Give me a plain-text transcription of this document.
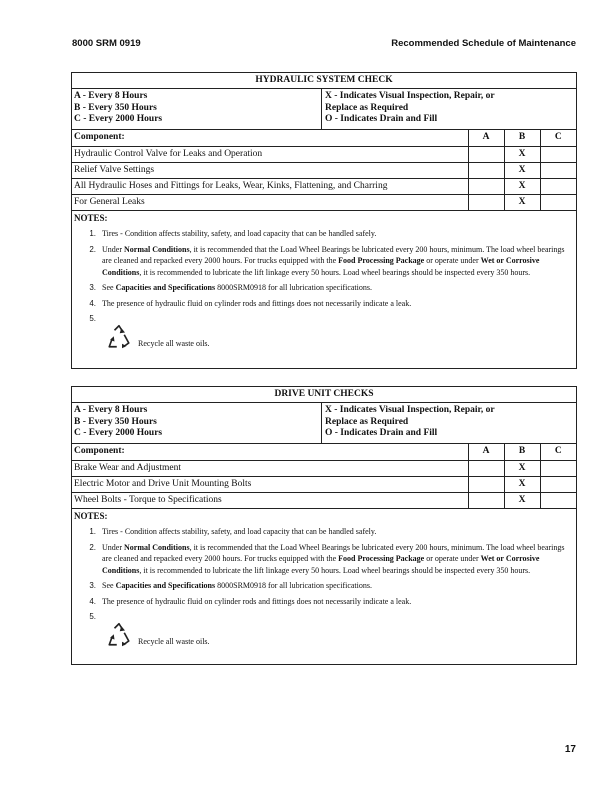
8000 SRM 0919	Recommended Schedule of Maintenance
HYDRAULIC SYSTEM CHECK
A - Every 8 Hours
B - Every 350 Hours
C - Every 2000 Hours
X - Indicates Visual Inspection, Repair, or
Replace as Required
O - Indicates Drain and Fill
Component:	A	B	C
Hydraulic Control Valve for Leaks and Operation		X	
Relief Valve Settings		X	
All Hydraulic Hoses and Fittings for Leaks, Wear, Kinks, Flattening, and Charring		X	
For General Leaks		X	
NOTES:
1. Tires - Condition affects stability, safety, and load capacity that can be handled safely.
2. Under Normal Conditions, it is recommended that the Load Wheel Bearings be lubricated every 200 hours, minimum. The load wheel bearings are cleaned and repacked every 2000 hours. For trucks equipped with the Food Processing Package or operate under Wet or Corrosive Conditions, it is recommended to lubricate the lift linkage every 50 hours. Load wheel bearings should be inspected every 350 hours.
3. See Capacities and Specifications 8000SRM0918 for all lubrication specifications.
4. The presence of hydraulic fluid on cylinder rods and fittings does not necessarily indicate a leak.
5.
Recycle all waste oils.
DRIVE UNIT CHECKS
A - Every 8 Hours
B - Every 350 Hours
C - Every 2000 Hours
X - Indicates Visual Inspection, Repair, or
Replace as Required
O - Indicates Drain and Fill
Component:	A	B	C
Brake Wear and Adjustment		X	
Electric Motor and Drive Unit Mounting Bolts		X	
Wheel Bolts - Torque to Specifications		X	
NOTES:
1. Tires - Condition affects stability, safety, and load capacity that can be handled safely.
2. Under Normal Conditions, it is recommended that the Load Wheel Bearings be lubricated every 200 hours, minimum. The load wheel bearings are cleaned and repacked every 2000 hours. For trucks equipped with the Food Processing Package or operate under Wet or Corrosive Conditions, it is recommended to lubricate the lift linkage every 50 hours. Load wheel bearings should be inspected every 350 hours.
3. See Capacities and Specifications 8000SRM0918 for all lubrication specifications.
4. The presence of hydraulic fluid on cylinder rods and fittings does not necessarily indicate a leak.
5.
Recycle all waste oils.
17
